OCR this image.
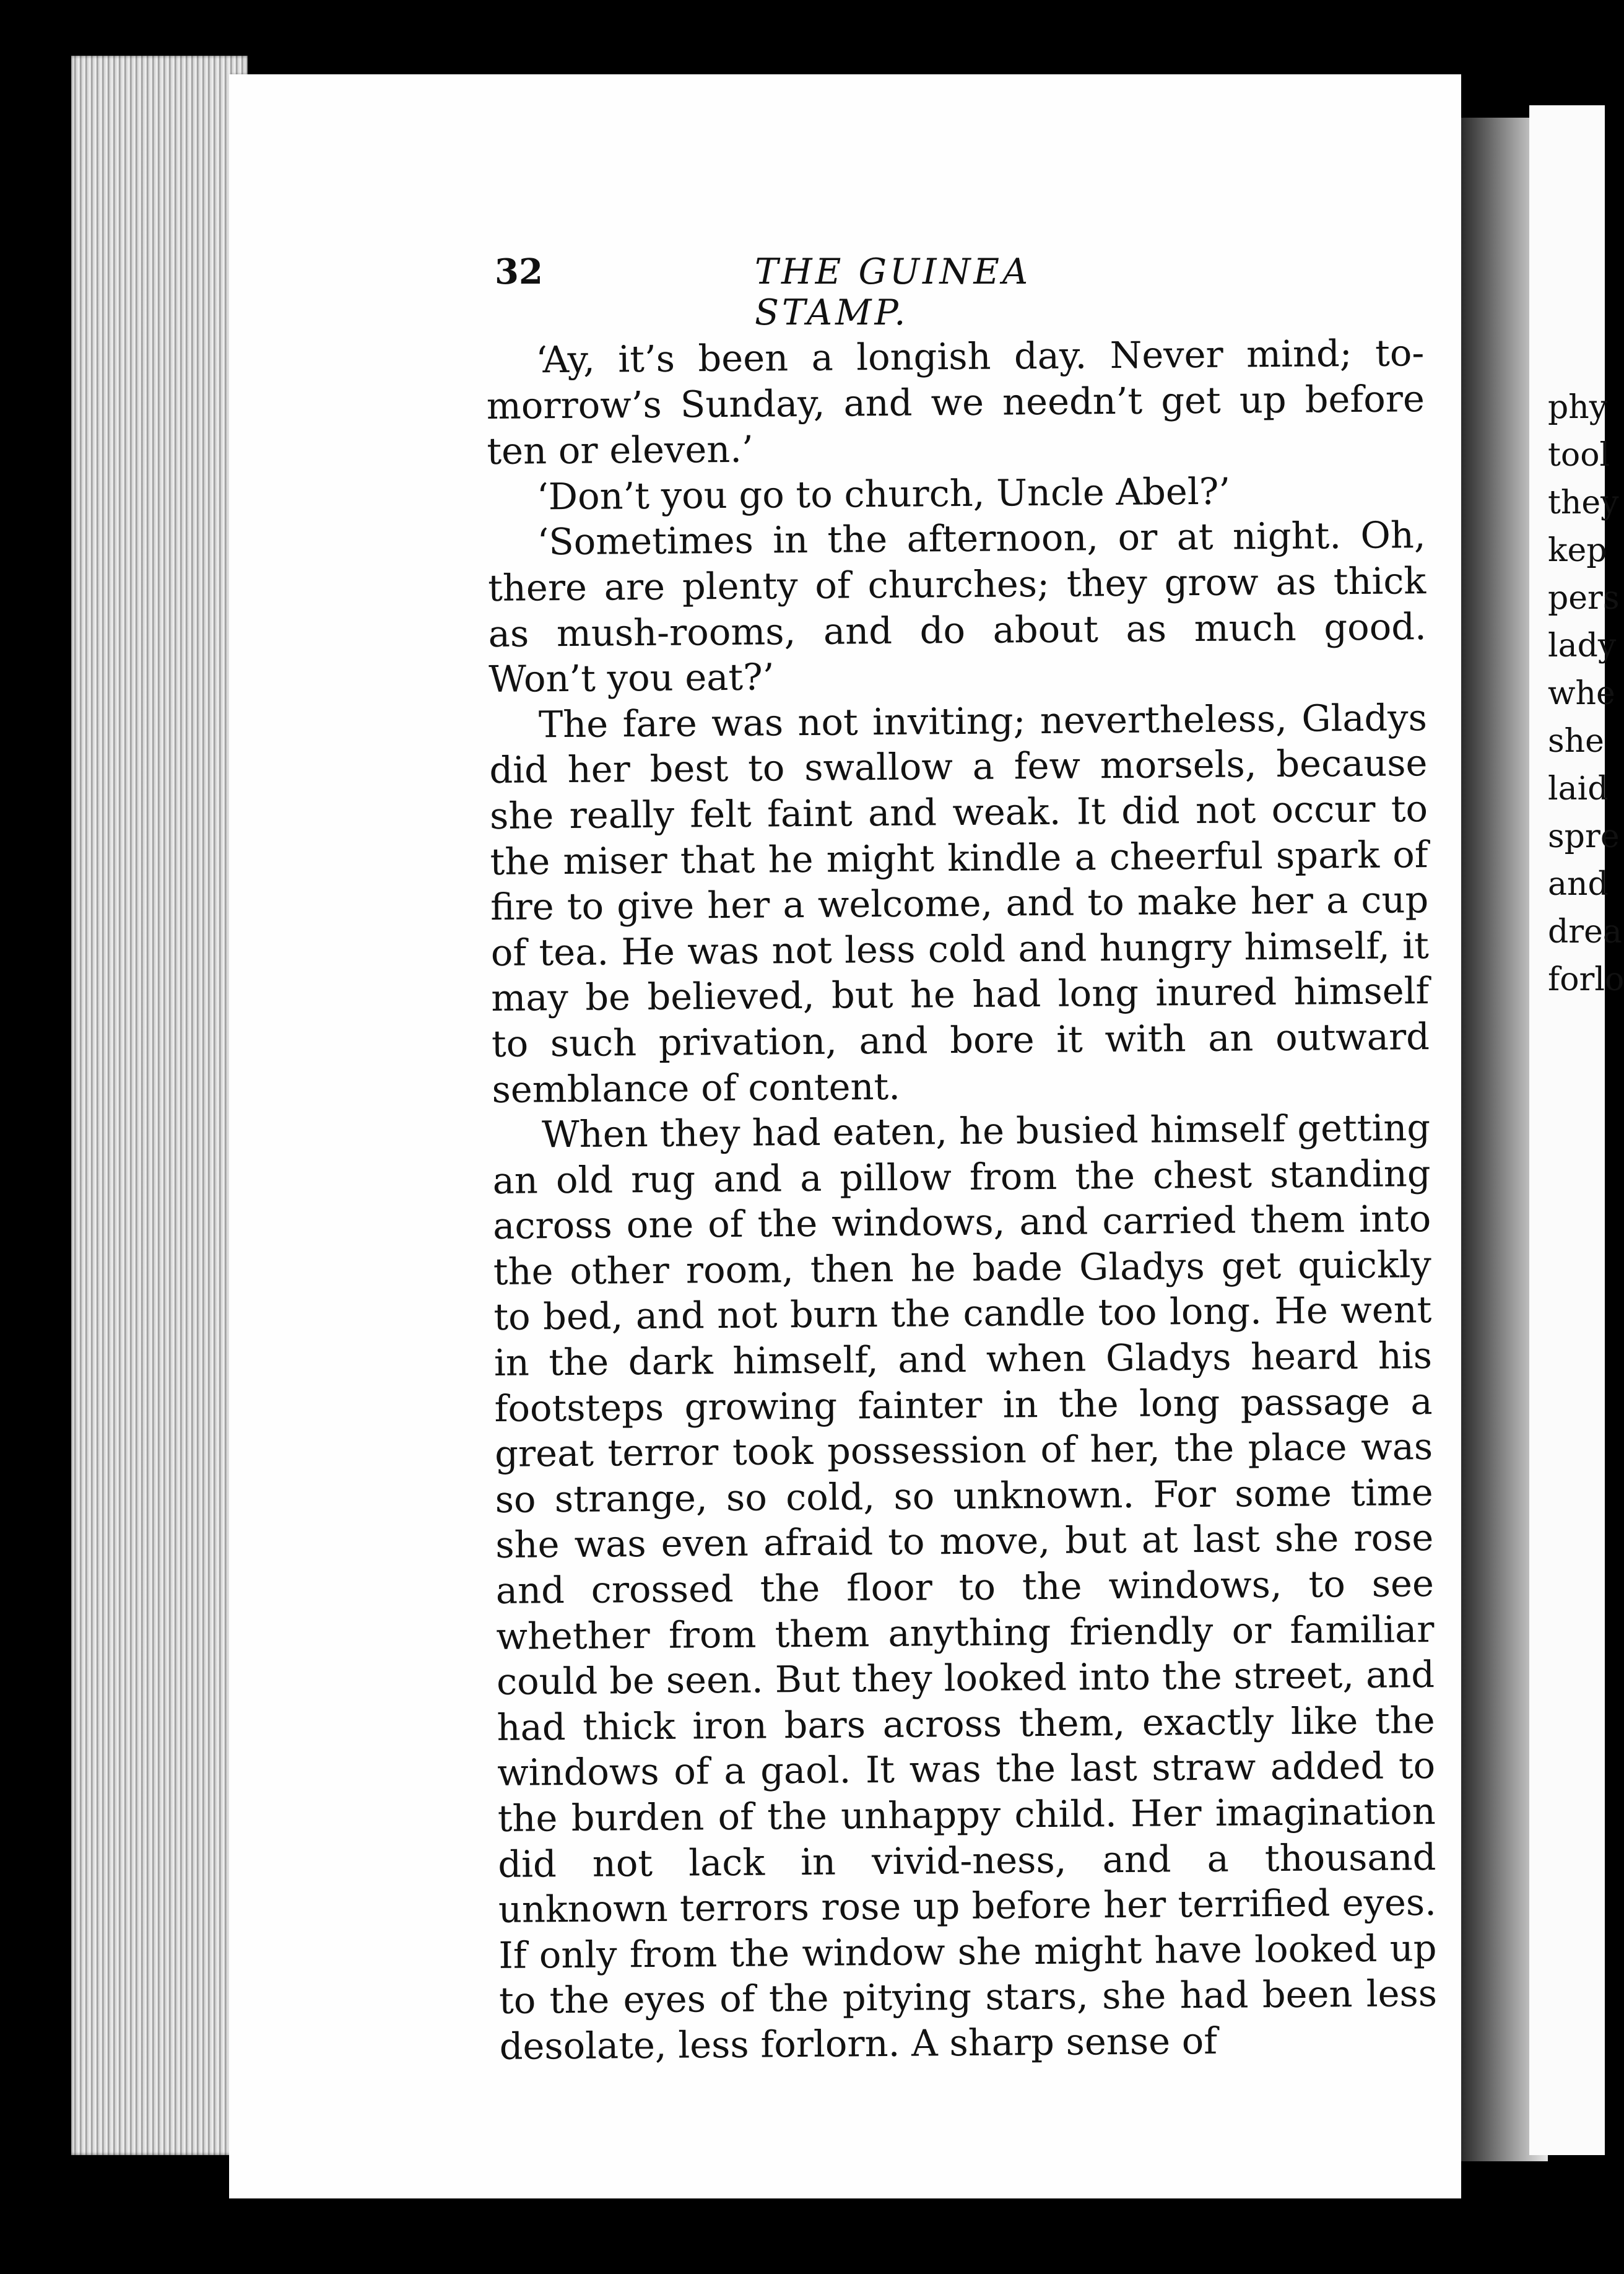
32	THE GUINEA STAMP.

‘Ay, it’s been a longish day. Never mind; to-morrow’s Sunday, and we needn’t get up before ten or eleven.’

‘Don’t you go to church, Uncle Abel?’

‘Sometimes in the afternoon, or at night. Oh, there are plenty of churches; they grow as thick as mush-rooms, and do about as much good. Won’t you eat?’

The fare was not inviting; nevertheless, Gladys did her best to swallow a few morsels, because she really felt faint and weak. It did not occur to the miser that he might kindle a cheerful spark of fire to give her a welcome, and to make her a cup of tea. He was not less cold and hungry himself, it may be believed, but he had long inured himself to such privation, and bore it with an outward semblance of content.

When they had eaten, he busied himself getting an old rug and a pillow from the chest standing across one of the windows, and carried them into the other room, then he bade Gladys get quickly to bed, and not burn the candle too long. He went in the dark himself, and when Gladys heard his footsteps growing fainter in the long passage a great terror took possession of her, the place was so strange, so cold, so unknown. For some time she was even afraid to move, but at last she rose and crossed the floor to the windows, to see whether from them anything friendly or familiar could be seen. But they looked into the street, and had thick iron bars across them, exactly like the windows of a gaol. It was the last straw added to the burden of the unhappy child. Her imagination did not lack in vivid-ness, and a thousand unknown terrors rose up before her terrified eyes. If only from the window she might have looked up to the eyes of the pitying stars, she had been less desolate, less forlorn. A sharp sense of

phy
tool
they
kep
pers
lady
whe
she
laid
spre
and
drea
forlo
